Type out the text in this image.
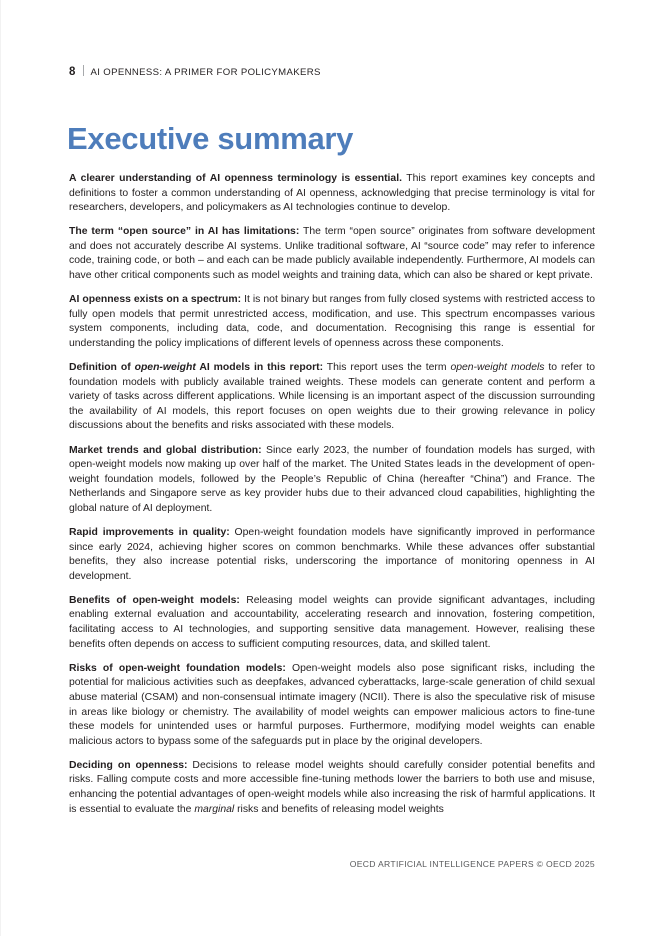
8 AI OPENNESS: A PRIMER FOR POLICYMAKERS
Executive summary

A clearer understanding of AI openness terminology is essential. This report examines key concepts and definitions to foster a common understanding of AI openness, acknowledging that precise terminology is vital for researchers, developers, and policymakers as AI technologies continue to develop.

The term “open source” in AI has limitations: The term “open source” originates from software development and does not accurately describe AI systems. Unlike traditional software, AI “source code” may refer to inference code, training code, or both – and each can be made publicly available independently. Furthermore, AI models can have other critical components such as model weights and training data, which can also be shared or kept private.

AI openness exists on a spectrum: It is not binary but ranges from fully closed systems with restricted access to fully open models that permit unrestricted access, modification, and use. This spectrum encompasses various system components, including data, code, and documentation. Recognising this range is essential for understanding the policy implications of different levels of openness across these components.

Definition of open-weight AI models in this report: This report uses the term open-weight models to refer to foundation models with publicly available trained weights. These models can generate content and perform a variety of tasks across different applications. While licensing is an important aspect of the discussion surrounding the availability of AI models, this report focuses on open weights due to their growing relevance in policy discussions about the benefits and risks associated with these models.

Market trends and global distribution: Since early 2023, the number of foundation models has surged, with open-weight models now making up over half of the market. The United States leads in the development of open-weight foundation models, followed by the People’s Republic of China (hereafter “China”) and France. The Netherlands and Singapore serve as key provider hubs due to their advanced cloud capabilities, highlighting the global nature of AI deployment.

Rapid improvements in quality: Open-weight foundation models have significantly improved in performance since early 2024, achieving higher scores on common benchmarks. While these advances offer substantial benefits, they also increase potential risks, underscoring the importance of monitoring openness in AI development.

Benefits of open-weight models: Releasing model weights can provide significant advantages, including enabling external evaluation and accountability, accelerating research and innovation, fostering competition, facilitating access to AI technologies, and supporting sensitive data management. However, realising these benefits often depends on access to sufficient computing resources, data, and skilled talent.

Risks of open-weight foundation models: Open-weight models also pose significant risks, including the potential for malicious activities such as deepfakes, advanced cyberattacks, large-scale generation of child sexual abuse material (CSAM) and non-consensual intimate imagery (NCII). There is also the speculative risk of misuse in areas like biology or chemistry. The availability of model weights can empower malicious actors to fine-tune these models for unintended uses or harmful purposes. Furthermore, modifying model weights can enable malicious actors to bypass some of the safeguards put in place by the original developers.

Deciding on openness: Decisions to release model weights should carefully consider potential benefits and risks. Falling compute costs and more accessible fine-tuning methods lower the barriers to both use and misuse, enhancing the potential advantages of open-weight models while also increasing the risk of harmful applications. It is essential to evaluate the marginal risks and benefits of releasing model weights

OECD ARTIFICIAL INTELLIGENCE PAPERS © OECD 2025
